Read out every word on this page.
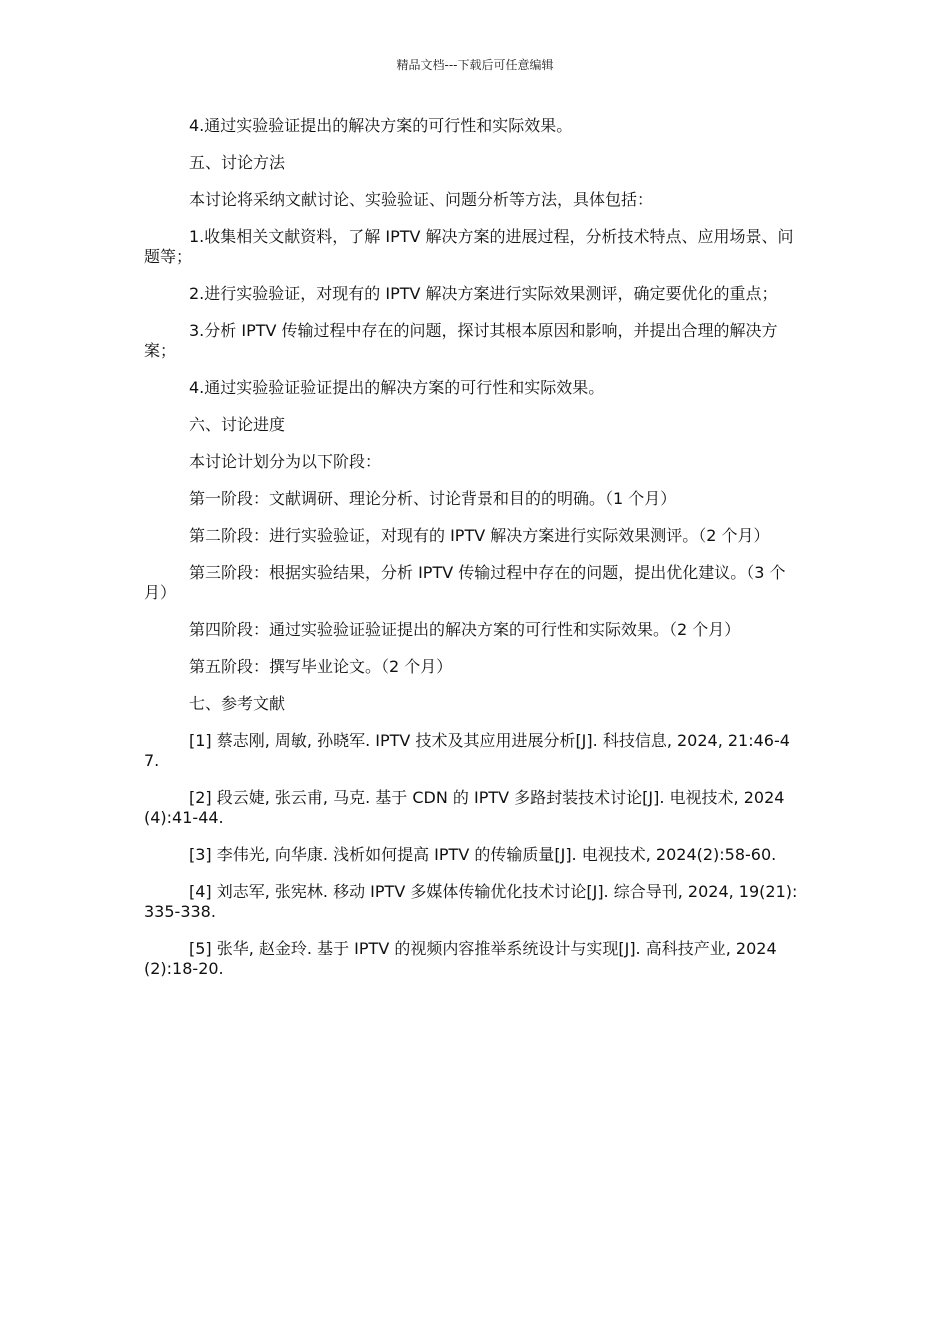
精品文档---下载后可任意编辑

4.通过实验验证提出的解决方案的可行性和实际效果。

五、讨论方法

本讨论将采纳文献讨论、实验验证、问题分析等方法，具体包括：

1.收集相关文献资料，了解 IPTV 解决方案的进展过程，分析技术特点、应用场景、问题等；

2.进行实验验证，对现有的 IPTV 解决方案进行实际效果测评，确定要优化的重点；

3.分析 IPTV 传输过程中存在的问题，探讨其根本原因和影响，并提出合理的解决方案；

4.通过实验验证验证提出的解决方案的可行性和实际效果。

六、讨论进度

本讨论计划分为以下阶段：

第一阶段：文献调研、理论分析、讨论背景和目的的明确。（1 个月）

第二阶段：进行实验验证，对现有的 IPTV 解决方案进行实际效果测评。（2 个月）

第三阶段：根据实验结果，分析 IPTV 传输过程中存在的问题，提出优化建议。（3 个月）

第四阶段：通过实验验证验证提出的解决方案的可行性和实际效果。（2 个月）

第五阶段：撰写毕业论文。（2 个月）

七、参考文献

[1] 蔡志刚, 周敏, 孙晓军. IPTV 技术及其应用进展分析[J]. 科技信息, 2024, 21:46-47.

[2] 段云婕, 张云甫, 马克. 基于 CDN 的 IPTV 多路封装技术讨论[J]. 电视技术, 2024(4):41-44.

[3] 李伟光, 向华康. 浅析如何提高 IPTV 的传输质量[J]. 电视技术, 2024(2):58-60.

[4] 刘志军, 张宪林. 移动 IPTV 多媒体传输优化技术讨论[J]. 综合导刊, 2024, 19(21):335-338.

[5] 张华, 赵金玲. 基于 IPTV 的视频内容推举系统设计与实现[J]. 高科技产业, 2024(2):18-20.
